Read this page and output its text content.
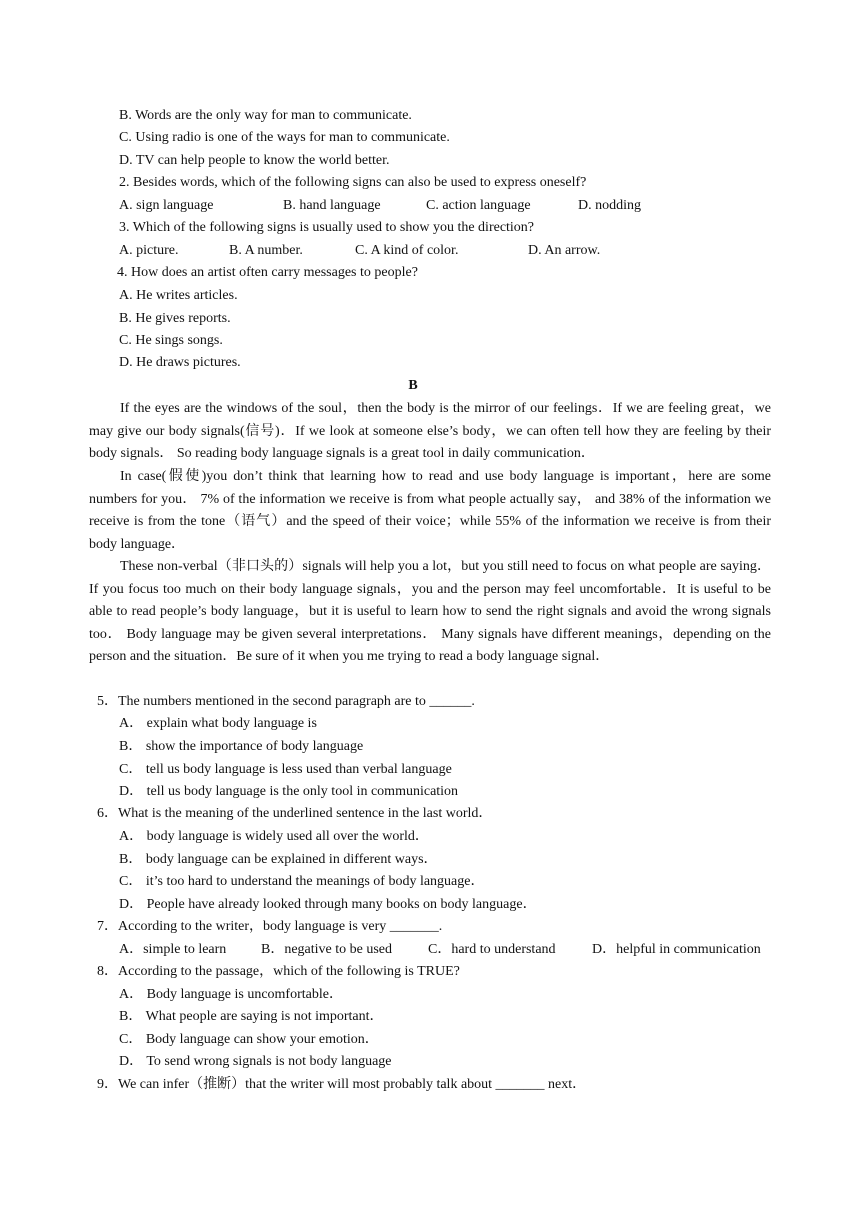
B. Words are the only way for man to communicate.
C. Using radio is one of the ways for man to communicate.
D. TV can help people to know the world better.
2. Besides words, which of the following signs can also be used to express oneself?
A. sign language	B. hand language	C. action language	D. nodding
3. Which of the following signs is usually used to show you the direction?
A. picture.	B. A number.	C. A kind of color.	D. An arrow.
4. How does an artist often carry messages to people?
A. He writes articles.
B. He gives reports.
C. He sings songs.
D. He draws pictures.
B
If the eyes are the windows of the soul，then the body is the mirror of our feelings．If we are feeling great，we may give our body signals(信号)．If we look at someone else’s body，we can often tell how they are feeling by their body signals． So reading body language signals is a great tool in daily communication．
In case(假使)you don’t think that learning how to read and use body language is important，here are some numbers for you． 7% of the information we receive is from what people actually say， and 38% of the information we receive is from the tone（语气）and the speed of their voice；while 55% of the information we receive is from their body language．
These non-verbal（非口头的）signals will help you a lot，but you still need to focus on what people are saying．If you focus too much on their body language signals，you and the person may feel uncomfortable．It is useful to be able to read people’s body language，but it is useful to learn how to send the right signals and avoid the wrong signals too． Body language may be given several interpretations． Many signals have different meanings，depending on the person and the situation．Be sure of it when you me trying to read a body language signal．
5．The numbers mentioned in the second paragraph are to ______.
A． explain what body language is
B． show the importance of body language
C． tell us body language is less used than verbal language
D． tell us body language is the only tool in communication
6．What is the meaning of the underlined sentence in the last world．
A． body language is widely used all over the world．
B． body language can be explained in different ways．
C． it’s too hard to understand the meanings of body language．
D． People have already looked through many books on body language．
7．According to the writer，body language is very _______.
A．simple to learn B．negative to be used	C．hard to understand	D．helpful in communication
8．According to the passage，which of the following is TRUE?
A． Body language is uncomfortable．
B． What people are saying is not important．
C． Body language can show your emotion．
D． To send wrong signals is not body language
9．We can infer（推断）that the writer will most probably talk about _______ next．
